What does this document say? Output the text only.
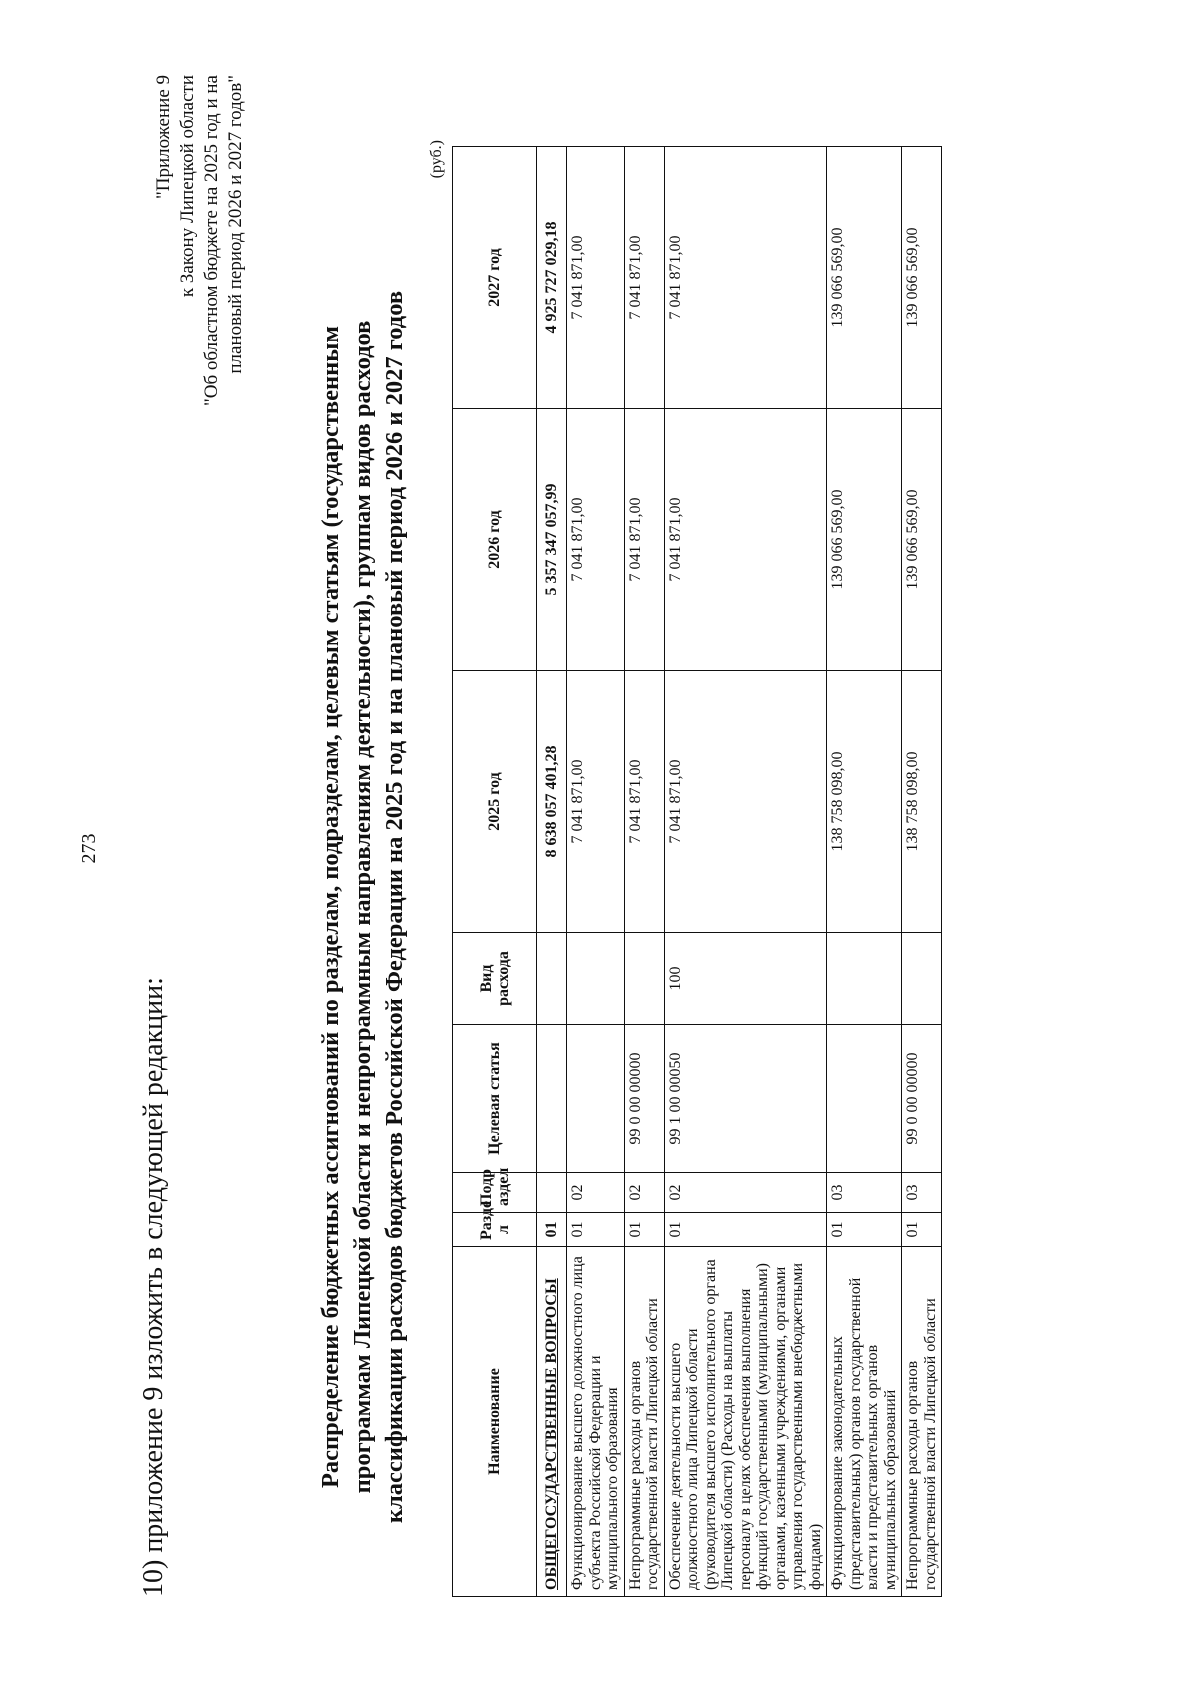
273
10) приложение 9 изложить в следующей редакции:
"Приложение 9 к Закону Липецкой области "Об областном бюджете на 2025 год и на плановый период 2026 и 2027 годов"
Распределение бюджетных ассигнований по разделам, подразделам, целевым статьям (государственным программам Липецкой области и непрограммным направлениям деятельности), группам видов расходов классификации расходов бюджетов Российской Федерации на 2025 год и на плановый период 2026 и 2027 годов
(руб.)
Наименование	Разде л	Подр аздел	Целевая статья	Вид расхода	2025 год	2026 год	2027 год
ОБЩЕГОСУДАРСТВЕННЫЕ ВОПРОСЫ	01				8 638 057 401,28	5 357 347 057,99	4 925 727 029,18
Функционирование высшего должностного лица субъекта Российской Федерации и муниципального образования	01	02			7 041 871,00	7 041 871,00	7 041 871,00
Непрограммные расходы органов государственной власти Липецкой области	01	02	99 0 00 00000		7 041 871,00	7 041 871,00	7 041 871,00
Обеспечение деятельности высшего должностного лица Липецкой области (руководителя высшего исполнительного органа Липецкой области) (Расходы на выплаты персоналу в целях обеспечения выполнения функций государственными (муниципальными) органами, казенными учреждениями, органами управления государственными внебюджетными фондами)	01	02	99 1 00 00050	100	7 041 871,00	7 041 871,00	7 041 871,00
Функционирование законодательных (представительных) органов государственной власти и представительных органов муниципальных образований	01	03			138 758 098,00	139 066 569,00	139 066 569,00
Непрограммные расходы органов государственной власти Липецкой области	01	03	99 0 00 00000		138 758 098,00	139 066 569,00	139 066 569,00
